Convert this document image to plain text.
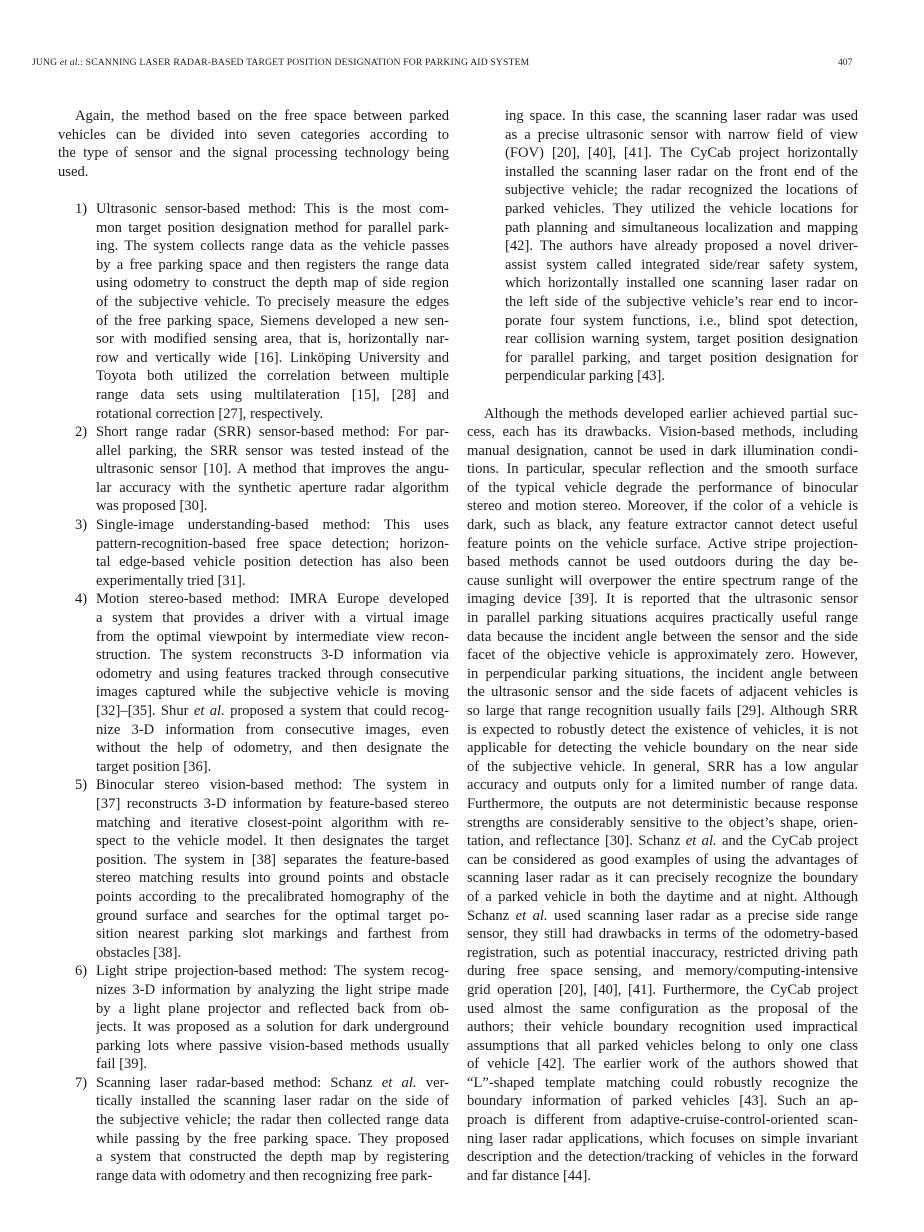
JUNG et al.: SCANNING LASER RADAR-BASED TARGET POSITION DESIGNATION FOR PARKING AID SYSTEM	407
Again, the method based on the free space between parked
vehicles can be divided into seven categories according to
the type of sensor and the signal processing technology being
used.
1) Ultrasonic sensor-based method: This is the most com-
mon target position designation method for parallel park-
ing. The system collects range data as the vehicle passes
by a free parking space and then registers the range data
using odometry to construct the depth map of side region
of the subjective vehicle. To precisely measure the edges
of the free parking space, Siemens developed a new sen-
sor with modified sensing area, that is, horizontally nar-
row and vertically wide [16]. Linköping University and
Toyota both utilized the correlation between multiple
range data sets using multilateration [15], [28] and
rotational correction [27], respectively.
2) Short range radar (SRR) sensor-based method: For par-
allel parking, the SRR sensor was tested instead of the
ultrasonic sensor [10]. A method that improves the angu-
lar accuracy with the synthetic aperture radar algorithm
was proposed [30].
3) Single-image understanding-based method: This uses
pattern-recognition-based free space detection; horizon-
tal edge-based vehicle position detection has also been
experimentally tried [31].
4) Motion stereo-based method: IMRA Europe developed
a system that provides a driver with a virtual image
from the optimal viewpoint by intermediate view recon-
struction. The system reconstructs 3-D information via
odometry and using features tracked through consecutive
images captured while the subjective vehicle is moving
[32]–[35]. Shur et al. proposed a system that could recog-
nize 3-D information from consecutive images, even
without the help of odometry, and then designate the
target position [36].
5) Binocular stereo vision-based method: The system in
[37] reconstructs 3-D information by feature-based stereo
matching and iterative closest-point algorithm with re-
spect to the vehicle model. It then designates the target
position. The system in [38] separates the feature-based
stereo matching results into ground points and obstacle
points according to the precalibrated homography of the
ground surface and searches for the optimal target po-
sition nearest parking slot markings and farthest from
obstacles [38].
6) Light stripe projection-based method: The system recog-
nizes 3-D information by analyzing the light stripe made
by a light plane projector and reflected back from ob-
jects. It was proposed as a solution for dark underground
parking lots where passive vision-based methods usually
fail [39].
7) Scanning laser radar-based method: Schanz et al. ver-
tically installed the scanning laser radar on the side of
the subjective vehicle; the radar then collected range data
while passing by the free parking space. They proposed
a system that constructed the depth map by registering
range data with odometry and then recognizing free park-
ing space. In this case, the scanning laser radar was used
as a precise ultrasonic sensor with narrow field of view
(FOV) [20], [40], [41]. The CyCab project horizontally
installed the scanning laser radar on the front end of the
subjective vehicle; the radar recognized the locations of
parked vehicles. They utilized the vehicle locations for
path planning and simultaneous localization and mapping
[42]. The authors have already proposed a novel driver-
assist system called integrated side/rear safety system,
which horizontally installed one scanning laser radar on
the left side of the subjective vehicle’s rear end to incor-
porate four system functions, i.e., blind spot detection,
rear collision warning system, target position designation
for parallel parking, and target position designation for
perpendicular parking [43].
Although the methods developed earlier achieved partial suc-
cess, each has its drawbacks. Vision-based methods, including
manual designation, cannot be used in dark illumination condi-
tions. In particular, specular reflection and the smooth surface
of the typical vehicle degrade the performance of binocular
stereo and motion stereo. Moreover, if the color of a vehicle is
dark, such as black, any feature extractor cannot detect useful
feature points on the vehicle surface. Active stripe projection-
based methods cannot be used outdoors during the day be-
cause sunlight will overpower the entire spectrum range of the
imaging device [39]. It is reported that the ultrasonic sensor
in parallel parking situations acquires practically useful range
data because the incident angle between the sensor and the side
facet of the objective vehicle is approximately zero. However,
in perpendicular parking situations, the incident angle between
the ultrasonic sensor and the side facets of adjacent vehicles is
so large that range recognition usually fails [29]. Although SRR
is expected to robustly detect the existence of vehicles, it is not
applicable for detecting the vehicle boundary on the near side
of the subjective vehicle. In general, SRR has a low angular
accuracy and outputs only for a limited number of range data.
Furthermore, the outputs are not deterministic because response
strengths are considerably sensitive to the object’s shape, orien-
tation, and reflectance [30]. Schanz et al. and the CyCab project
can be considered as good examples of using the advantages of
scanning laser radar as it can precisely recognize the boundary
of a parked vehicle in both the daytime and at night. Although
Schanz et al. used scanning laser radar as a precise side range
sensor, they still had drawbacks in terms of the odometry-based
registration, such as potential inaccuracy, restricted driving path
during free space sensing, and memory/computing-intensive
grid operation [20], [40], [41]. Furthermore, the CyCab project
used almost the same configuration as the proposal of the
authors; their vehicle boundary recognition used impractical
assumptions that all parked vehicles belong to only one class
of vehicle [42]. The earlier work of the authors showed that
“L”-shaped template matching could robustly recognize the
boundary information of parked vehicles [43]. Such an ap-
proach is different from adaptive-cruise-control-oriented scan-
ning laser radar applications, which focuses on simple invariant
description and the detection/tracking of vehicles in the forward
and far distance [44].
